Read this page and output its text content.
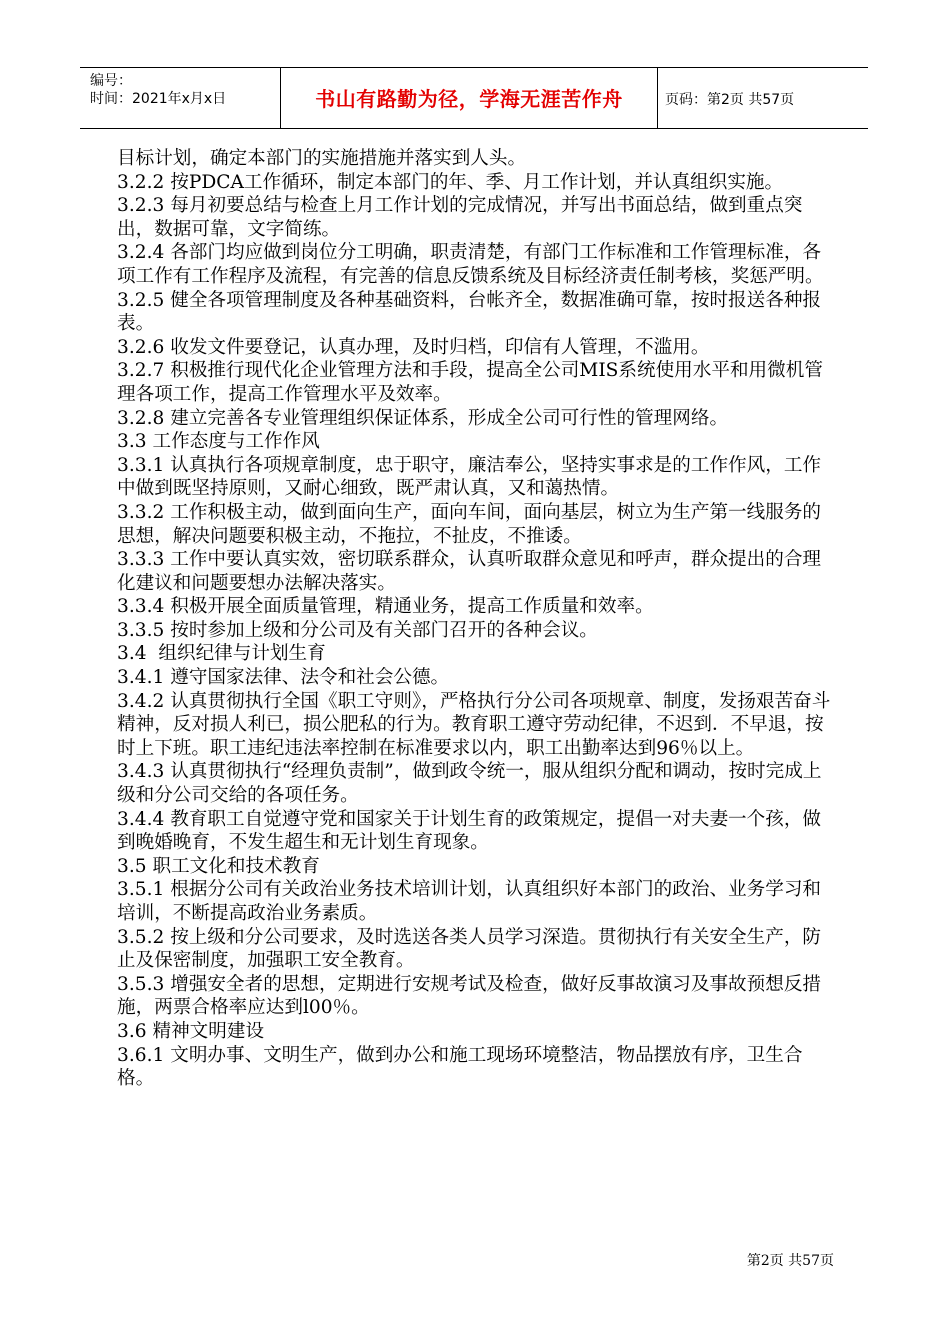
编号：
时间：2021年x月x日	书山有路勤为径，学海无涯苦作舟	页码：第2页 共57页

目标计划，确定本部门的实施措施并落实到人头。

3.2.2 按PDCA工作循环，制定本部门的年、季、月工作计划，并认真组织实施。

3.2.3 每月初要总结与检查上月工作计划的完成情况，并写出书面总结，做到重点突出，数据可靠，文字简练。

3.2.4 各部门均应做到岗位分工明确，职责清楚，有部门工作标准和工作管理标准，各项工作有工作程序及流程，有完善的信息反馈系统及目标经济责任制考核，奖惩严明。

3.2.5 健全各项管理制度及各种基础资料，台帐齐全，数据准确可靠，按时报送各种报表。

3.2.6 收发文件要登记，认真办理，及时归档，印信有人管理，不滥用。

3.2.7 积极推行现代化企业管理方法和手段，提高全公司MIS系统使用水平和用微机管理各项工作，提高工作管理水平及效率。

3.2.8 建立完善各专业管理组织保证体系，形成全公司可行性的管理网络。

3.3 工作态度与工作作风

3.3.1 认真执行各项规章制度，忠于职守，廉洁奉公，坚持实事求是的工作作风，工作中做到既坚持原则，又耐心细致，既严肃认真，又和蔼热情。

3.3.2 工作积极主动，做到面向生产，面向车间，面向基层，树立为生产第一线服务的思想，解决问题要积极主动，不拖拉，不扯皮，不推诿。

3.3.3 工作中要认真实效，密切联系群众，认真听取群众意见和呼声，群众提出的合理化建议和问题要想办法解决落实。

3.3.4 积极开展全面质量管理，精通业务，提高工作质量和效率。

3.3.5 按时参加上级和分公司及有关部门召开的各种会议。

3.4  组织纪律与计划生育

3.4.1 遵守国家法律、法令和社会公德。

3.4.2 认真贯彻执行全国《职工守则》，严格执行分公司各项规章、制度，发扬艰苦奋斗精神，反对损人利已，损公肥私的行为。教育职工遵守劳动纪律，不迟到．不早退，按时上下班。职工违纪违法率控制在标准要求以内，职工出勤率达到96％以上。

3.4.3 认真贯彻执行“经理负责制”，做到政令统一，服从组织分配和调动，按时完成上级和分公司交给的各项任务。

3.4.4 教育职工自觉遵守党和国家关于计划生育的政策规定，提倡一对夫妻一个孩，做到晚婚晚育，不发生超生和无计划生育现象。

3.5 职工文化和技术教育

3.5.1 根据分公司有关政治业务技术培训计划，认真组织好本部门的政治、业务学习和培训，不断提高政治业务素质。

3.5.2 按上级和分公司要求，及时选送各类人员学习深造。贯彻执行有关安全生产，防止及保密制度，加强职工安全教育。

3.5.3 增强安全者的思想，定期进行安规考试及检查，做好反事故演习及事故预想反措施，两票合格率应达到l00％。

3.6 精神文明建设

3.6.1 文明办事、文明生产，做到办公和施工现场环境整洁，物品摆放有序，卫生合格。

第2页 共57页
